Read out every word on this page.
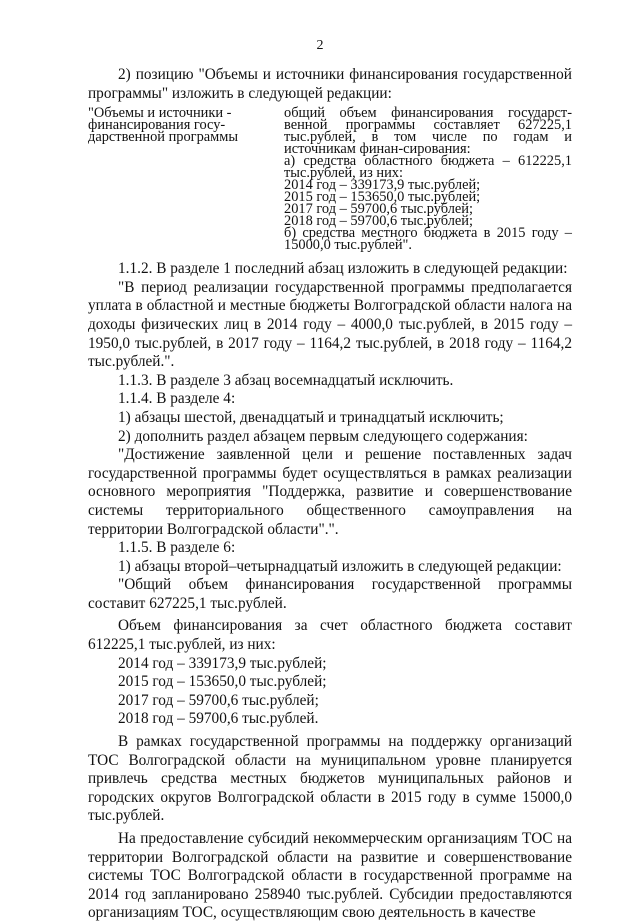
2

2) позицию "Объемы и источники финансирования государственной программы" изложить в следующей редакции:

"Объемы и источники - финансирования госу-дарственной программы
общий объем финансирования государст-венной программы составляет 627225,1 тыс.рублей, в том числе по годам и источникам финан-сирования:
а) средства областного бюджета – 612225,1 тыс.рублей, из них:
2014 год – 339173,9 тыс.рублей;
2015 год – 153650,0 тыс.рублей;
2017 год – 59700,6 тыс.рублей;
2018 год – 59700,6 тыс.рублей;
б) средства местного бюджета в 2015 году – 15000,0 тыс.рублей".

1.1.2. В разделе 1 последний абзац изложить в следующей редакции:

"В период реализации государственной программы предполагается уплата в областной и местные бюджеты Волгоградской области налога на доходы физических лиц в 2014 году – 4000,0 тыс.рублей, в 2015 году – 1950,0 тыс.рублей, в 2017 году – 1164,2 тыс.рублей, в 2018 году – 1164,2 тыс.рублей.".

1.1.3. В разделе 3 абзац восемнадцатый исключить.

1.1.4. В разделе 4:

1) абзацы шестой, двенадцатый и тринадцатый исключить;

2) дополнить раздел абзацем первым следующего содержания:

"Достижение заявленной цели и решение поставленных задач государственной программы будет осуществляться в рамках реализации основного мероприятия "Поддержка, развитие и совершенствование системы территориального общественного самоуправления на территории Волгоградской области".".

1.1.5. В разделе 6:

1) абзацы второй–четырнадцатый изложить в следующей редакции:

"Общий объем финансирования государственной программы составит 627225,1 тыс.рублей.

Объем финансирования за счет областного бюджета составит 612225,1 тыс.рублей, из них:

2014 год – 339173,9 тыс.рублей;

2015 год – 153650,0 тыс.рублей;

2017 год – 59700,6 тыс.рублей;

2018 год – 59700,6 тыс.рублей.

В рамках государственной программы на поддержку организаций ТОС Волгоградской области на муниципальном уровне планируется привлечь средства местных бюджетов муниципальных районов и городских округов Волгоградской области в 2015 году в сумме 15000,0 тыс.рублей.

На предоставление субсидий некоммерческим организациям ТОС на территории Волгоградской области на развитие и совершенствование системы ТОС Волгоградской области в государственной программе на 2014 год запланировано 258940 тыс.рублей. Субсидии предоставляются организациям ТОС, осуществляющим свою деятельность в качестве
